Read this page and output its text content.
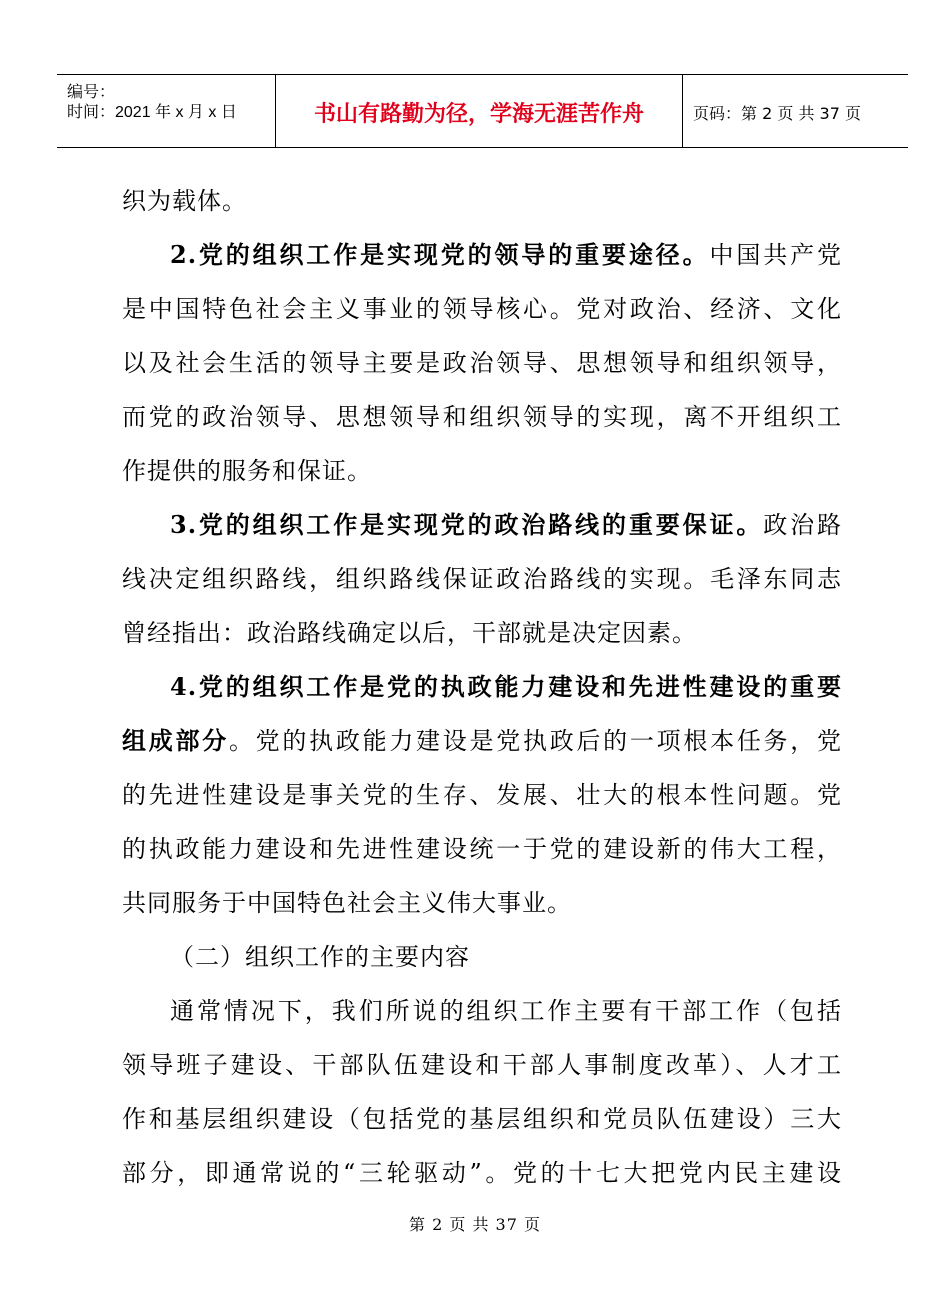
编号：
时间：2021 年 x 月 x 日	书山有路勤为径，学海无涯苦作舟	页码：第 2 页 共 37 页
织为载体。
2.党的组织工作是实现党的领导的重要途径。中国共产党
是中国特色社会主义事业的领导核心。党对政治、经济、文化
以及社会生活的领导主要是政治领导、思想领导和组织领导，
而党的政治领导、思想领导和组织领导的实现，离不开组织工
作提供的服务和保证。
3.党的组织工作是实现党的政治路线的重要保证。政治路
线决定组织路线，组织路线保证政治路线的实现。毛泽东同志
曾经指出：政治路线确定以后，干部就是决定因素。
4.党的组织工作是党的执政能力建设和先进性建设的重要
组成部分。党的执政能力建设是党执政后的一项根本任务，党
的先进性建设是事关党的生存、发展、壮大的根本性问题。党
的执政能力建设和先进性建设统一于党的建设新的伟大工程，
共同服务于中国特色社会主义伟大事业。
（二）组织工作的主要内容
通常情况下，我们所说的组织工作主要有干部工作（包括
领导班子建设、干部队伍建设和干部人事制度改革）、人才工
作和基层组织建设（包括党的基层组织和党员队伍建设）三大
部分，即通常说的“三轮驱动”。党的十七大把党内民主建设
第 2 页 共 37 页
